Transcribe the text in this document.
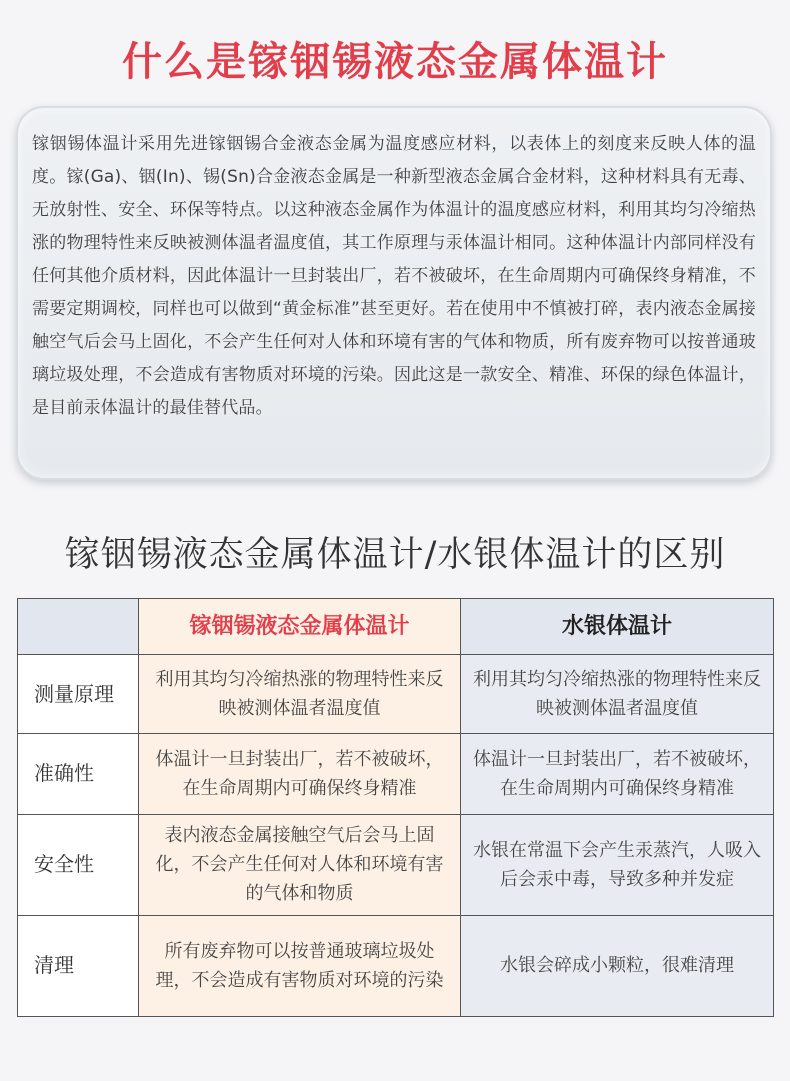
什么是镓铟锡液态金属体温计

镓铟锡体温计采用先进镓铟锡合金液态金属为温度感应材料，以表体上的刻度来反映人体的温度。镓(Ga)、铟(In)、锡(Sn)合金液态金属是一种新型液态金属合金材料，这种材料具有无毒、无放射性、安全、环保等特点。以这种液态金属作为体温计的温度感应材料，利用其均匀冷缩热涨的物理特性来反映被测体温者温度值，其工作原理与汞体温计相同。这种体温计内部同样没有任何其他介质材料，因此体温计一旦封装出厂，若不被破坏，在生命周期内可确保终身精准，不需要定期调校，同样也可以做到“黄金标准”甚至更好。若在使用中不慎被打碎，表内液态金属接触空气后会马上固化，不会产生任何对人体和环境有害的气体和物质，所有废弃物可以按普通玻璃垃圾处理，不会造成有害物质对环境的污染。因此这是一款安全、精准、环保的绿色体温计，是目前汞体温计的最佳替代品。

镓铟锡液态金属体温计/水银体温计的区别
	镓铟锡液态金属体温计	水银体温计
测量原理	利用其均匀冷缩热涨的物理特性来反映被测体温者温度值	利用其均匀冷缩热涨的物理特性来反映被测体温者温度值
准确性	体温计一旦封装出厂，若不被破坏，在生命周期内可确保终身精准	体温计一旦封装出厂，若不被破坏，在生命周期内可确保终身精准
安全性	表内液态金属接触空气后会马上固化，不会产生任何对人体和环境有害的气体和物质	水银在常温下会产生汞蒸汽，人吸入后会汞中毒，导致多种并发症
清理	所有废弃物可以按普通玻璃垃圾处理，不会造成有害物质对环境的污染	水银会碎成小颗粒，很难清理
